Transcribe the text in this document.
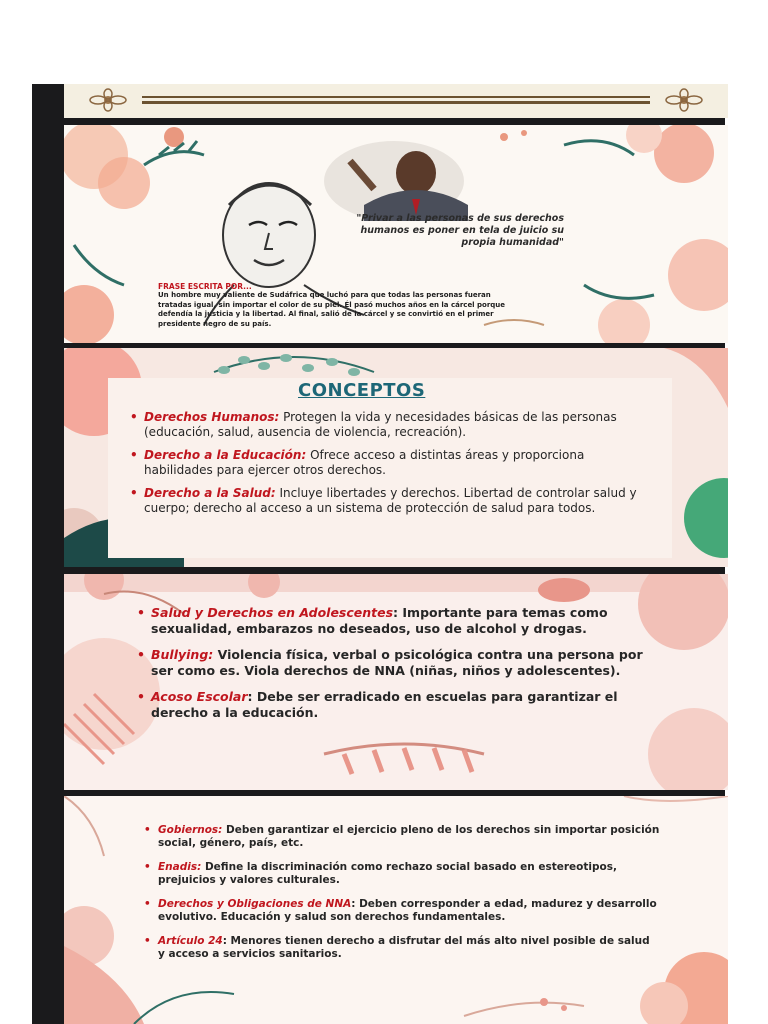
"Privar a las personas de sus derechos humanos es poner en tela de juicio su propia humanidad"
FRASE ESCRITA POR...
Un hombre muy valiente de Sudáfrica que luchó para que todas las personas fueran tratadas igual, sin importar el color de su piel. Él pasó muchos años en la cárcel porque defendía la justicia y la libertad. Al final, salió de la cárcel y se convirtió en el primer presidente negro de su país.
CONCEPTOS
• Derechos Humanos: Protegen la vida y necesidades básicas de las personas (educación, salud, ausencia de violencia, recreación).
• Derecho a la Educación: Ofrece acceso a distintas áreas y proporciona habilidades para ejercer otros derechos.
• Derecho a la Salud: Incluye libertades y derechos. Libertad de controlar salud y cuerpo; derecho al acceso a un sistema de protección de salud para todos.
• Salud y Derechos en Adolescentes: Importante para temas como sexualidad, embarazos no deseados, uso de alcohol y drogas.
• Bullying: Violencia física, verbal o psicológica contra una persona por ser como es. Viola derechos de NNA (niñas, niños y adolescentes).
• Acoso Escolar: Debe ser erradicado en escuelas para garantizar el derecho a la educación.
• Gobiernos: Deben garantizar el ejercicio pleno de los derechos sin importar posición social, género, país, etc.
• Enadis: Define la discriminación como rechazo social basado en estereotipos, prejuicios y valores culturales.
• Derechos y Obligaciones de NNA: Deben corresponder a edad, madurez y desarrollo evolutivo. Educación y salud son derechos fundamentales.
• Artículo 24: Menores tienen derecho a disfrutar del más alto nivel posible de salud y acceso a servicios sanitarios.
